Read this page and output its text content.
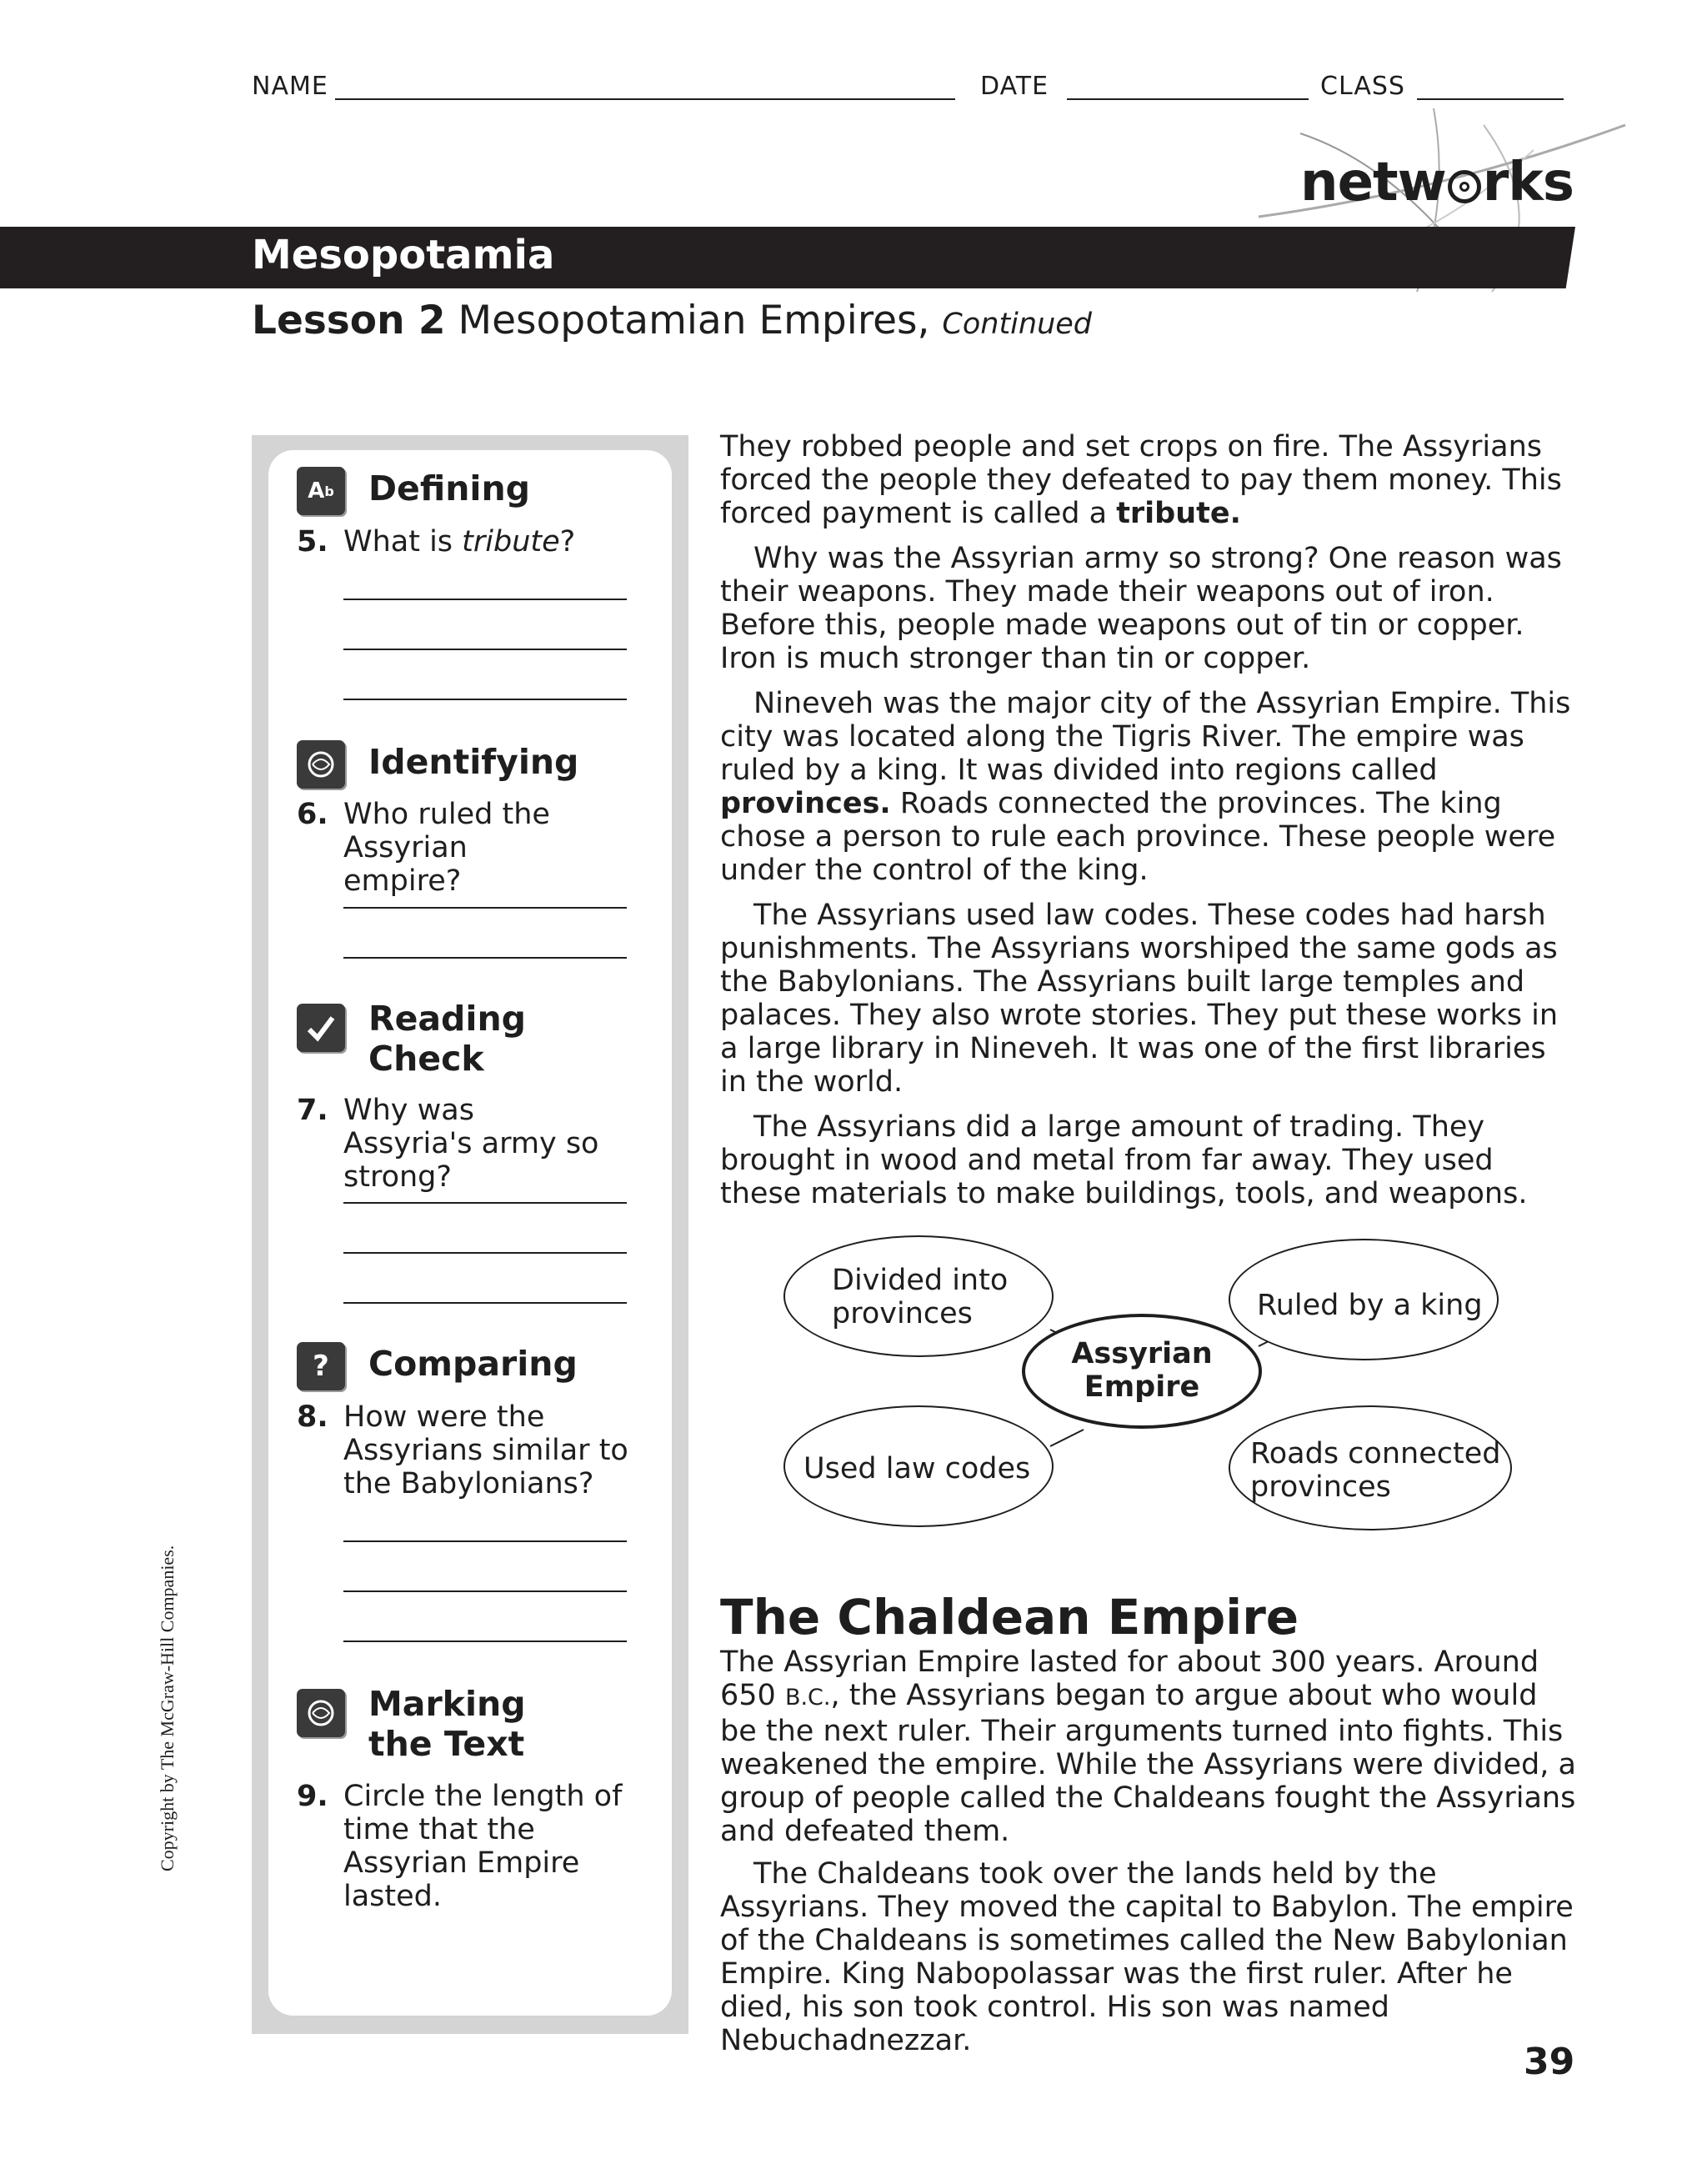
NAME	DATE	CLASS
netw rks
Mesopotamia
Lesson 2 Mesopotamian Empires, Continued
A b Defining
5. What is tribute?
Identifying
6. Who ruled the Assyrian empire?
Reading
Check
7. Why was Assyria's army so strong?
?	Comparing
8. How were the Assyrians similar to the Babylonians?
Marking
the Text
9. Circle the length of time that the Assyrian Empire lasted.

They robbed people and set crops on fire. The Assyrians forced the people they defeated to pay them money. This forced payment is called a tribute.

Why was the Assyrian army so strong? One reason was their weapons. They made their weapons out of iron. Before this, people made weapons out of tin or copper. Iron is much stronger than tin or copper.

Nineveh was the major city of the Assyrian Empire. This city was located along the Tigris River. The empire was ruled by a king. It was divided into regions called provinces. Roads connected the provinces. The king chose a person to rule each province. These people were under the control of the king.

The Assyrians used law codes. These codes had harsh punishments. The Assyrians worshiped the same gods as the Babylonians. The Assyrians built large temples and palaces. They also wrote stories. They put these works in a large library in Nineveh. It was one of the first libraries in the world.

The Assyrians did a large amount of trading. They brought in wood and metal from far away. They used these materials to make buildings, tools, and weapons.

Divided into
provinces	Ruled by a king
Assyrian
Empire
Used law codes	Roads connected
provinces
The Chaldean Empire

The Assyrian Empire lasted for about 300 years. Around 650 B.C., the Assyrians began to argue about who would be the next ruler. Their arguments turned into fights. This weakened the empire. While the Assyrians were divided, a group of people called the Chaldeans fought the Assyrians and defeated them.

The Chaldeans took over the lands held by the Assyrians. They moved the capital to Babylon. The empire of the Chaldeans is sometimes called the New Babylonian Empire. King Nabopolassar was the first ruler. After he died, his son took control. His son was named Nebuchadnezzar.

Copyright by The McGraw-Hill Companies.
39
